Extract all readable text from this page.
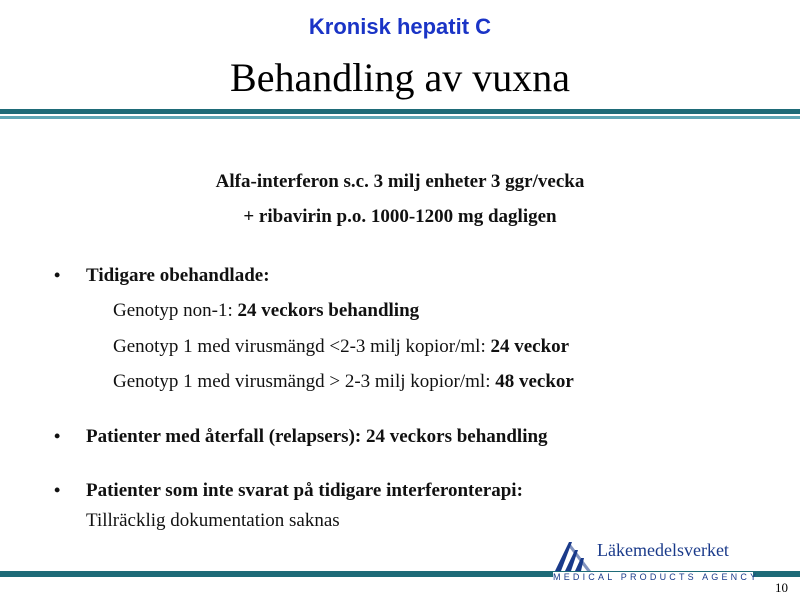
Kronisk hepatit C
Behandling av vuxna
Alfa-interferon s.c. 3 milj enheter 3 ggr/vecka
+ ribavirin p.o. 1000-1200 mg dagligen
• Tidigare obehandlade:
Genotyp non-1: 24 veckors behandling
Genotyp 1 med virusmängd <2-3 milj kopior/ml: 24 veckor
Genotyp 1 med virusmängd > 2-3 milj kopior/ml: 48 veckor
• Patienter med återfall (relapsers): 24 veckors behandling
• Patienter som inte svarat på tidigare interferonterapi:
Tillräcklig dokumentation saknas
Läkemedelsverket
MEDICAL PRODUCTS AGENCY
10
